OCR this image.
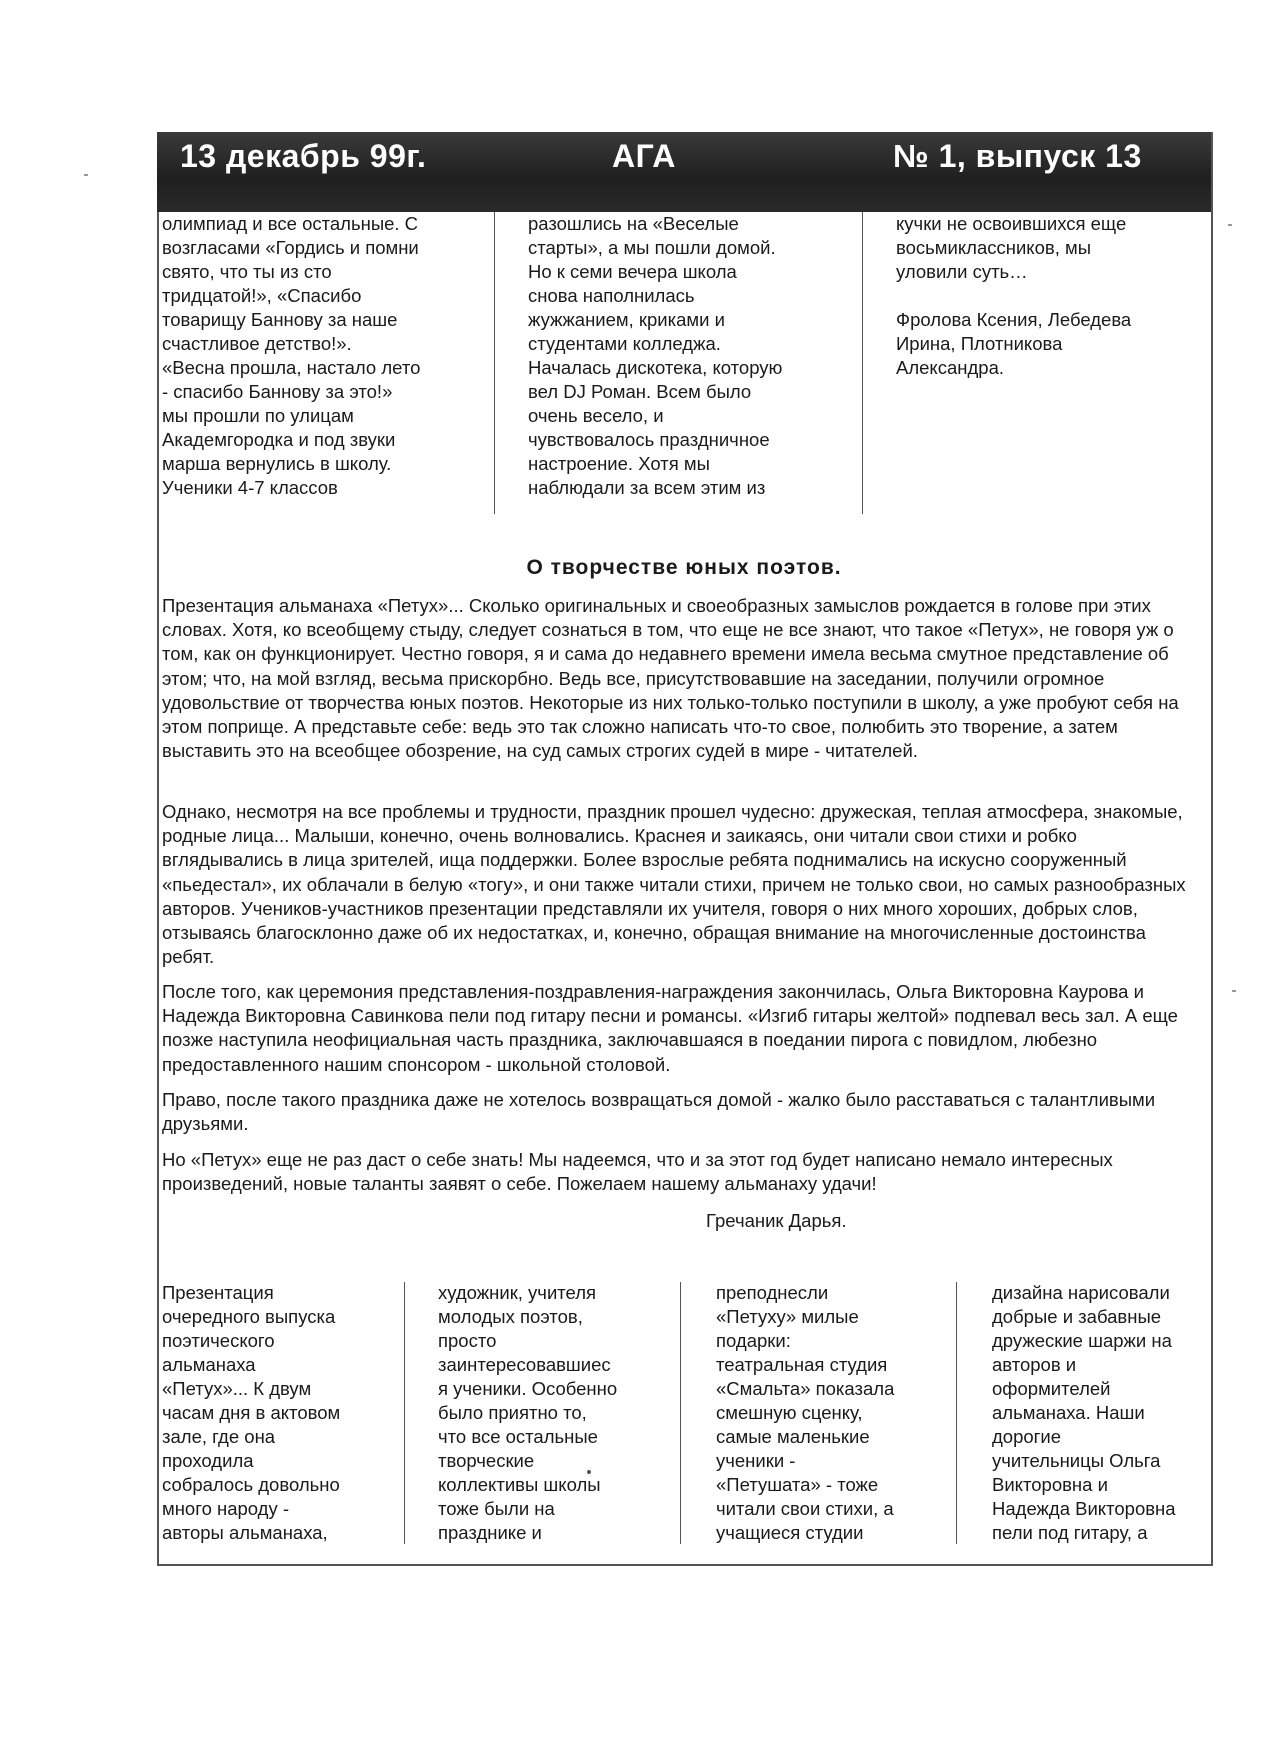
13 декабрь 99г.	АГА	№ 1, выпуск 13
олимпиад и все остальные. С
возгласами «Гордись и помни
свято, что ты из сто
тридцатой!», «Спасибо
товарищу Баннову за наше
счастливое детство!».
«Весна прошла, настало лето
- спасибо Баннову за это!»
мы прошли по улицам
Академгородка и под звуки
марша вернулись в школу.
Ученики 4-7 классов
разошлись на «Веселые
старты», а мы пошли домой.
Но к семи вечера школа
снова наполнилась
жужжанием, криками и
студентами колледжа.
Началась дискотека, которую
вел DJ Роман. Всем было
очень весело, и
чувствовалось праздничное
настроение. Хотя мы
наблюдали за всем этим из
кучки не освоившихся еще
восьмиклассников, мы
уловили суть…

Фролова Ксения, Лебедева
Ирина, Плотникова
Александра.
О творчестве юных поэтов.
Презентация альманаха «Петух»... Сколько оригинальных и своеобразных замыслов рождается в голове при этих словах. Хотя, ко всеобщему стыду, следует сознаться в том, что еще не все знают, что такое «Петух», не говоря уж о том, как он функционирует. Честно говоря, я и сама до недавнего времени имела весьма смутное представление об этом; что, на мой взгляд, весьма прискорбно. Ведь все, присутствовавшие на заседании, получили огромное удовольствие от творчества юных поэтов. Некоторые из них только-только поступили в школу, а уже пробуют себя на этом поприще. А представьте себе: ведь это так сложно написать что-то свое, полюбить это творение, а затем выставить это на всеобщее обозрение, на суд самых строгих судей в мире - читателей.
Однако, несмотря на все проблемы и трудности, праздник прошел чудесно: дружеская, теплая атмосфера, знакомые, родные лица... Малыши, конечно, очень волновались. Краснея и заикаясь, они читали свои стихи и робко вглядывались в лица зрителей, ища поддержки. Более взрослые ребята поднимались на искусно сооруженный «пьедестал», их облачали в белую «тогу», и они также читали стихи, причем не только свои, но самых разнообразных авторов. Учеников-участников презентации представляли их учителя, говоря о них много хороших, добрых слов, отзываясь благосклонно даже об их недостатках, и, конечно, обращая внимание на многочисленные достоинства ребят.
После того, как церемония представления-поздравления-награждения закончилась, Ольга Викторовна Каурова и Надежда Викторовна Савинкова пели под гитару песни и романсы. «Изгиб гитары желтой» подпевал весь зал. А еще позже наступила неофициальная часть праздника, заключавшаяся в поедании пирога с повидлом, любезно предоставленного нашим спонсором - школьной столовой.
Право, после такого праздника даже не хотелось возвращаться домой - жалко было расставаться с талантливыми друзьями.
Но «Петух» еще не раз даст о себе знать! Мы надеемся, что и за этот год будет написано немало интересных произведений, новые таланты заявят о себе. Пожелаем нашему альманаху удачи!
Гречаник Дарья.
Презентация
очередного выпуска
поэтического
альманаха
«Петух»... К двум
часам дня в актовом
зале, где она
проходила
собралось довольно
много народу -
авторы альманаха,
художник, учителя
молодых поэтов,
просто
заинтересовавшиес
я ученики. Особенно
было приятно то,
что все остальные
творческие
коллективы школы
тоже были на
празднике и
преподнесли
«Петуху» милые
подарки:
театральная студия
«Смальта» показала
смешную сценку,
самые маленькие
ученики -
«Петушата» - тоже
читали свои стихи, а
учащиеся студии
дизайна нарисовали
добрые и забавные
дружеские шаржи на
авторов и
оформителей
альманаха. Наши
дорогие
учительницы Ольга
Викторовна и
Надежда Викторовна
пели под гитару, а
